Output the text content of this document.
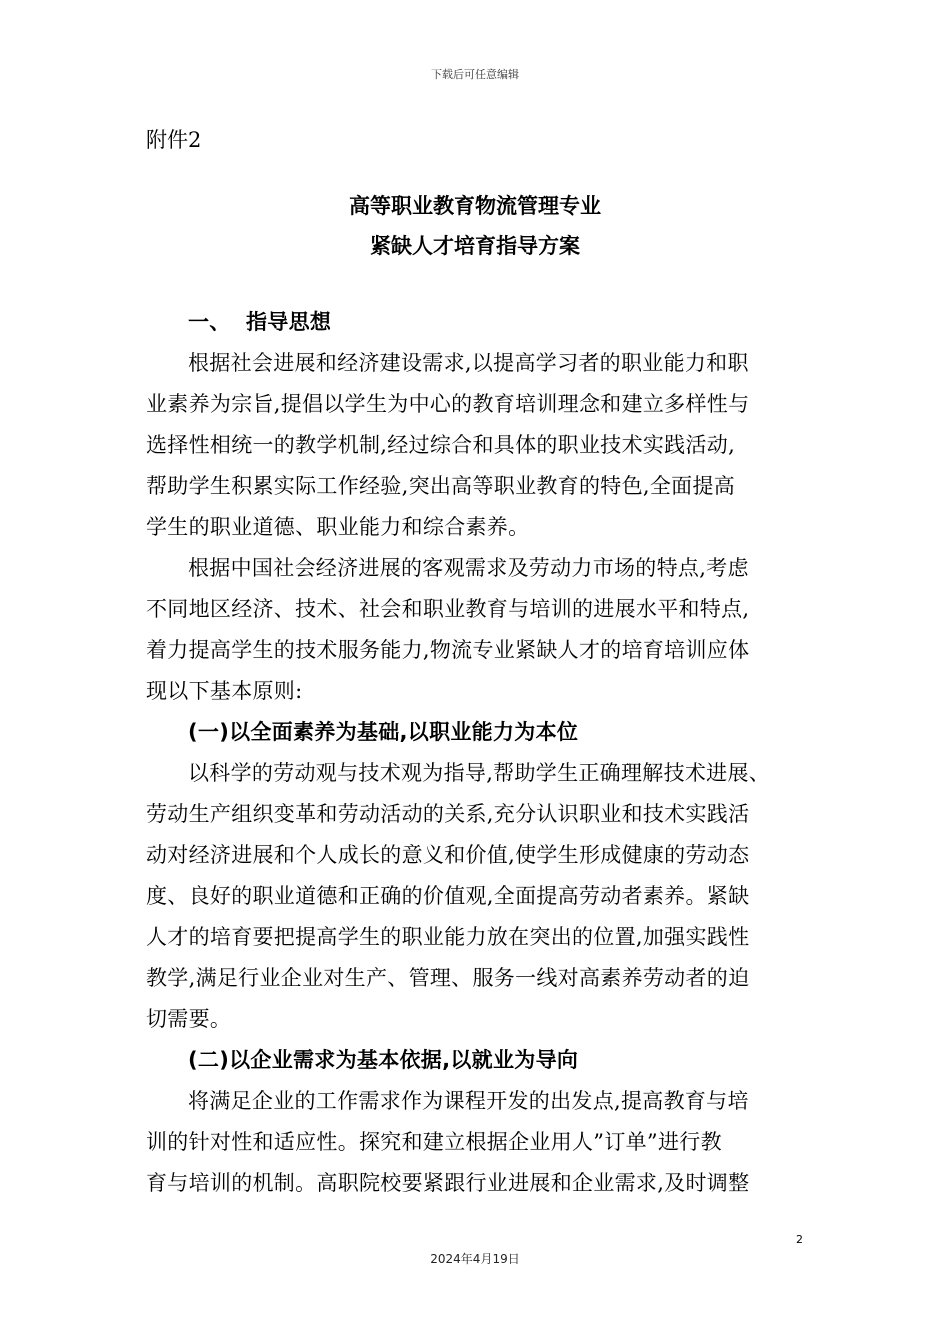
下载后可任意编辑
附件2
高等职业教育物流管理专业
紧缺人才培育指导方案
一、 指导思想
根据社会进展和经济建设需求,以提高学习者的职业能力和职
业素养为宗旨,提倡以学生为中心的教育培训理念和建立多样性与
选择性相统一的教学机制,经过综合和具体的职业技术实践活动,
帮助学生积累实际工作经验,突出高等职业教育的特色,全面提高
学生的职业道德、职业能力和综合素养。
根据中国社会经济进展的客观需求及劳动力市场的特点,考虑
不同地区经济、技术、社会和职业教育与培训的进展水平和特点,
着力提高学生的技术服务能力,物流专业紧缺人才的培育培训应体
现以下基本原则:
(一)以全面素养为基础,以职业能力为本位
以科学的劳动观与技术观为指导,帮助学生正确理解技术进展、
劳动生产组织变革和劳动活动的关系,充分认识职业和技术实践活
动对经济进展和个人成长的意义和价值,使学生形成健康的劳动态
度、良好的职业道德和正确的价值观,全面提高劳动者素养。紧缺
人才的培育要把提高学生的职业能力放在突出的位置,加强实践性
教学,满足行业企业对生产、管理、服务一线对高素养劳动者的迫
切需要。
(二)以企业需求为基本依据,以就业为导向
将满足企业的工作需求作为课程开发的出发点,提高教育与培
训的针对性和适应性。探究和建立根据企业用人”订单”进行教
育与培训的机制。高职院校要紧跟行业进展和企业需求,及时调整
2
2024年4月19日
